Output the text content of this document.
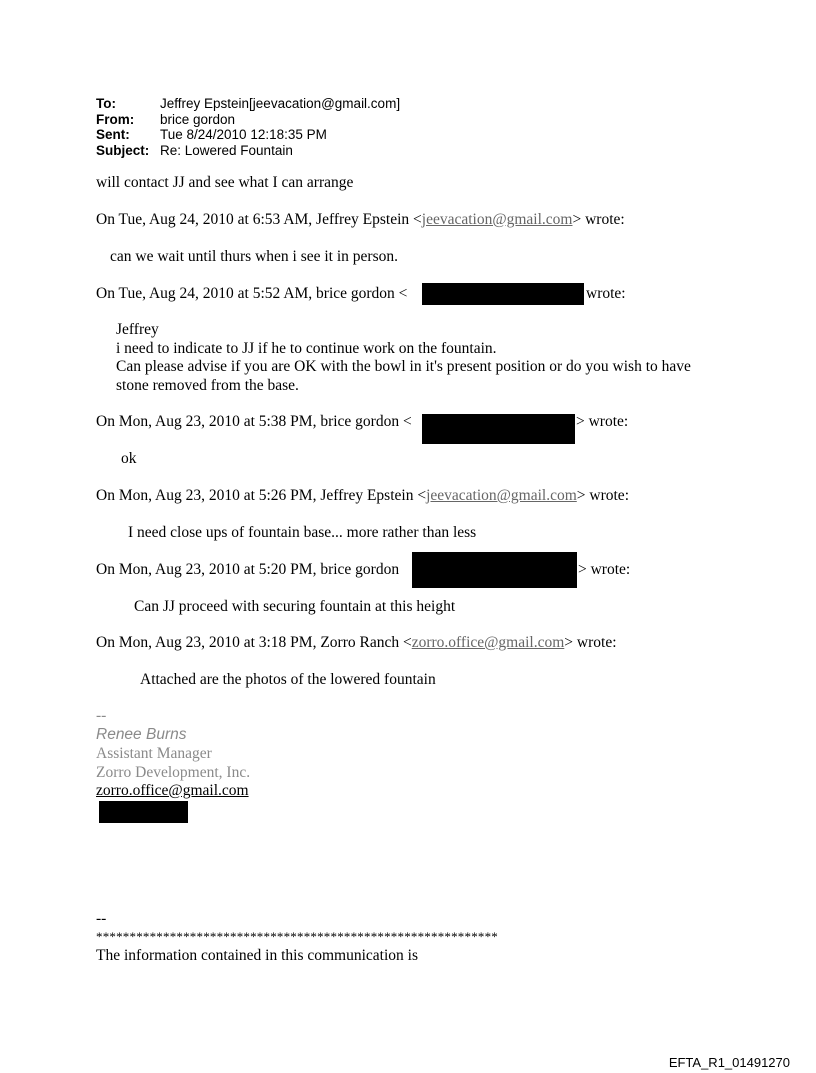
To:	Jeffrey Epstein[jeevacation@gmail.com]
From:	brice gordon
Sent:	Tue 8/24/2010 12:18:35 PM
Subject: Re: Lowered Fountain
will contact JJ and see what I can arrange
On Tue, Aug 24, 2010 at 6:53 AM, Jeffrey Epstein <jeevacation@gmail.com> wrote:
can we wait until thurs when i see it in person.
On Tue, Aug 24, 2010 at 5:52 AM, brice gordon <	wrote:
Jeffrey
i need to indicate to JJ if he to continue work on the fountain.
Can please advise if you are OK with the bowl in it's present position or do you wish to have
stone removed from the base.
On Mon, Aug 23, 2010 at 5:38 PM, brice gordon <	> wrote:
ok
On Mon, Aug 23, 2010 at 5:26 PM, Jeffrey Epstein <jeevacation@gmail.com> wrote:
I need close ups of fountain base... more rather than less
On Mon, Aug 23, 2010 at 5:20 PM, brice gordon	> wrote:
Can JJ proceed with securing fountain at this height
On Mon, Aug 23, 2010 at 3:18 PM, Zorro Ranch <zorro.office@gmail.com> wrote:
Attached are the photos of the lowered fountain
--
Renee Burns
Assistant Manager
Zorro Development, Inc.
zorro.office@gmail.com
--
************************************************************
The information contained in this communication is
EFTA_R1_01491270
